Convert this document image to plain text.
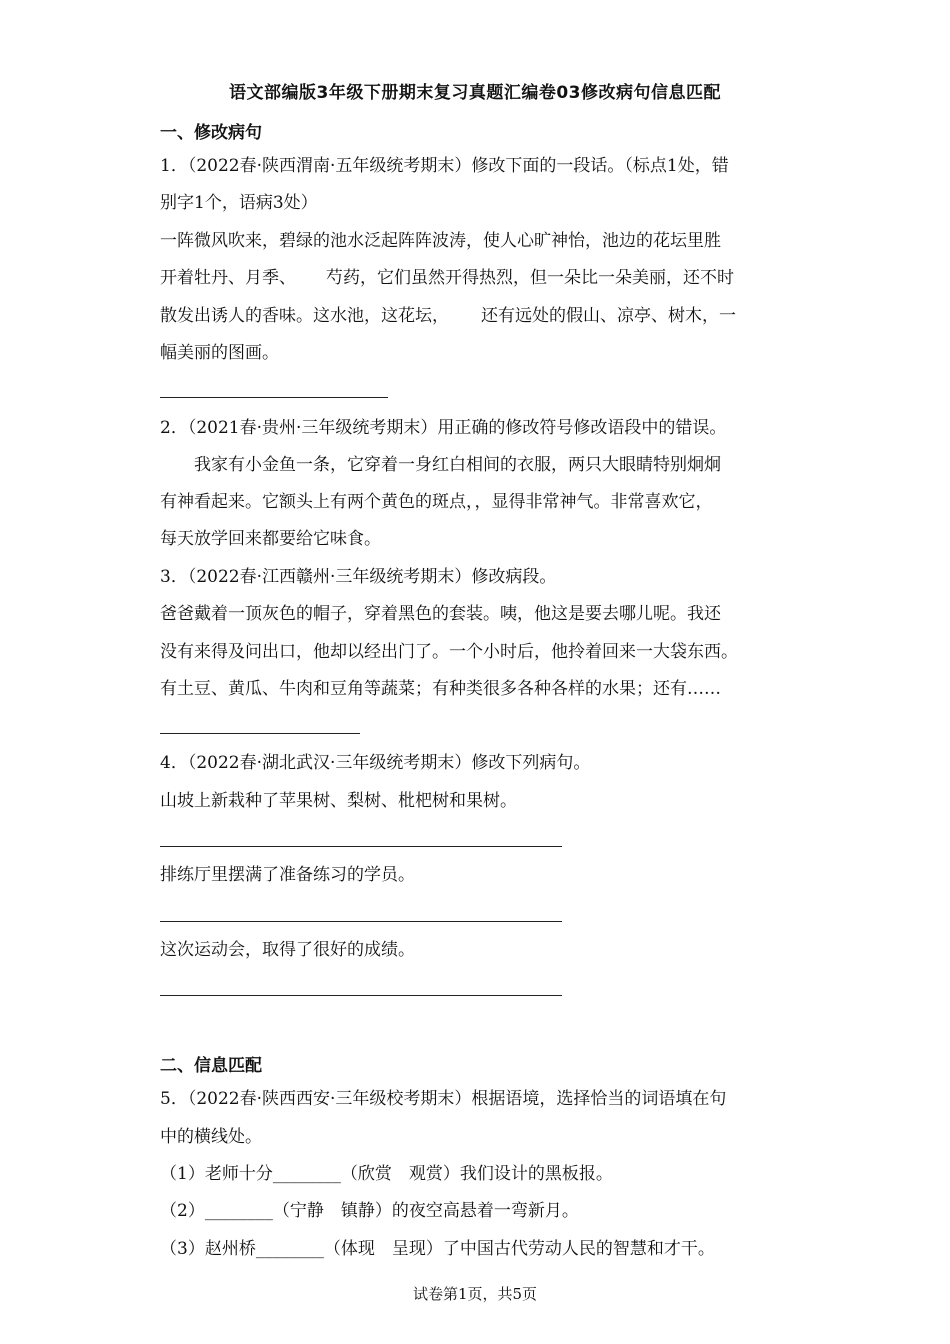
语文部编版3年级下册期末复习真题汇编卷03修改病句信息匹配
一、修改病句
1．（2022春·陕西渭南·五年级统考期末）修改下面的一段话。（标点1处，错
别字1个，语病3处）
一阵微风吹来，碧绿的池水泛起阵阵波涛，使人心旷神怡，池边的花坛里胜
开着牡丹、月季、 芍药，它们虽然开得热烈，但一朵比一朵美丽，还不时
散发出诱人的香味。这水池，这花坛， 还有远处的假山、凉亭、树木，一
幅美丽的图画。
2．（2021春·贵州·三年级统考期末）用正确的修改符号修改语段中的错误。
我家有小金鱼一条，它穿着一身红白相间的衣服，两只大眼睛特别炯炯
有神看起来。它额头上有两个黄色的斑点，，显得非常神气。非常喜欢它，
每天放学回来都要给它味食。
3．（2022春·江西赣州·三年级统考期末）修改病段。
爸爸戴着一顶灰色的帽子，穿着黑色的套装。咦，他这是要去哪儿呢。我还
没有来得及问出口，他却以经出门了。一个小时后，他拎着回来一大袋东西。
有土豆、黄瓜、牛肉和豆角等蔬菜；有种类很多各种各样的水果；还有……
4．（2022春·湖北武汉·三年级统考期末）修改下列病句。
山坡上新栽种了苹果树、梨树、枇杷树和果树。
排练厅里摆满了准备练习的学员。
这次运动会，取得了很好的成绩。
二、信息匹配
5．（2022春·陕西西安·三年级校考期末）根据语境，选择恰当的词语填在句
中的横线处。
（1）老师十分________（欣赏　观赏）我们设计的黑板报。
（2）________（宁静　镇静）的夜空高悬着一弯新月。
（3）赵州桥________（体现　呈现）了中国古代劳动人民的智慧和才干。
试卷第1页，共5页
